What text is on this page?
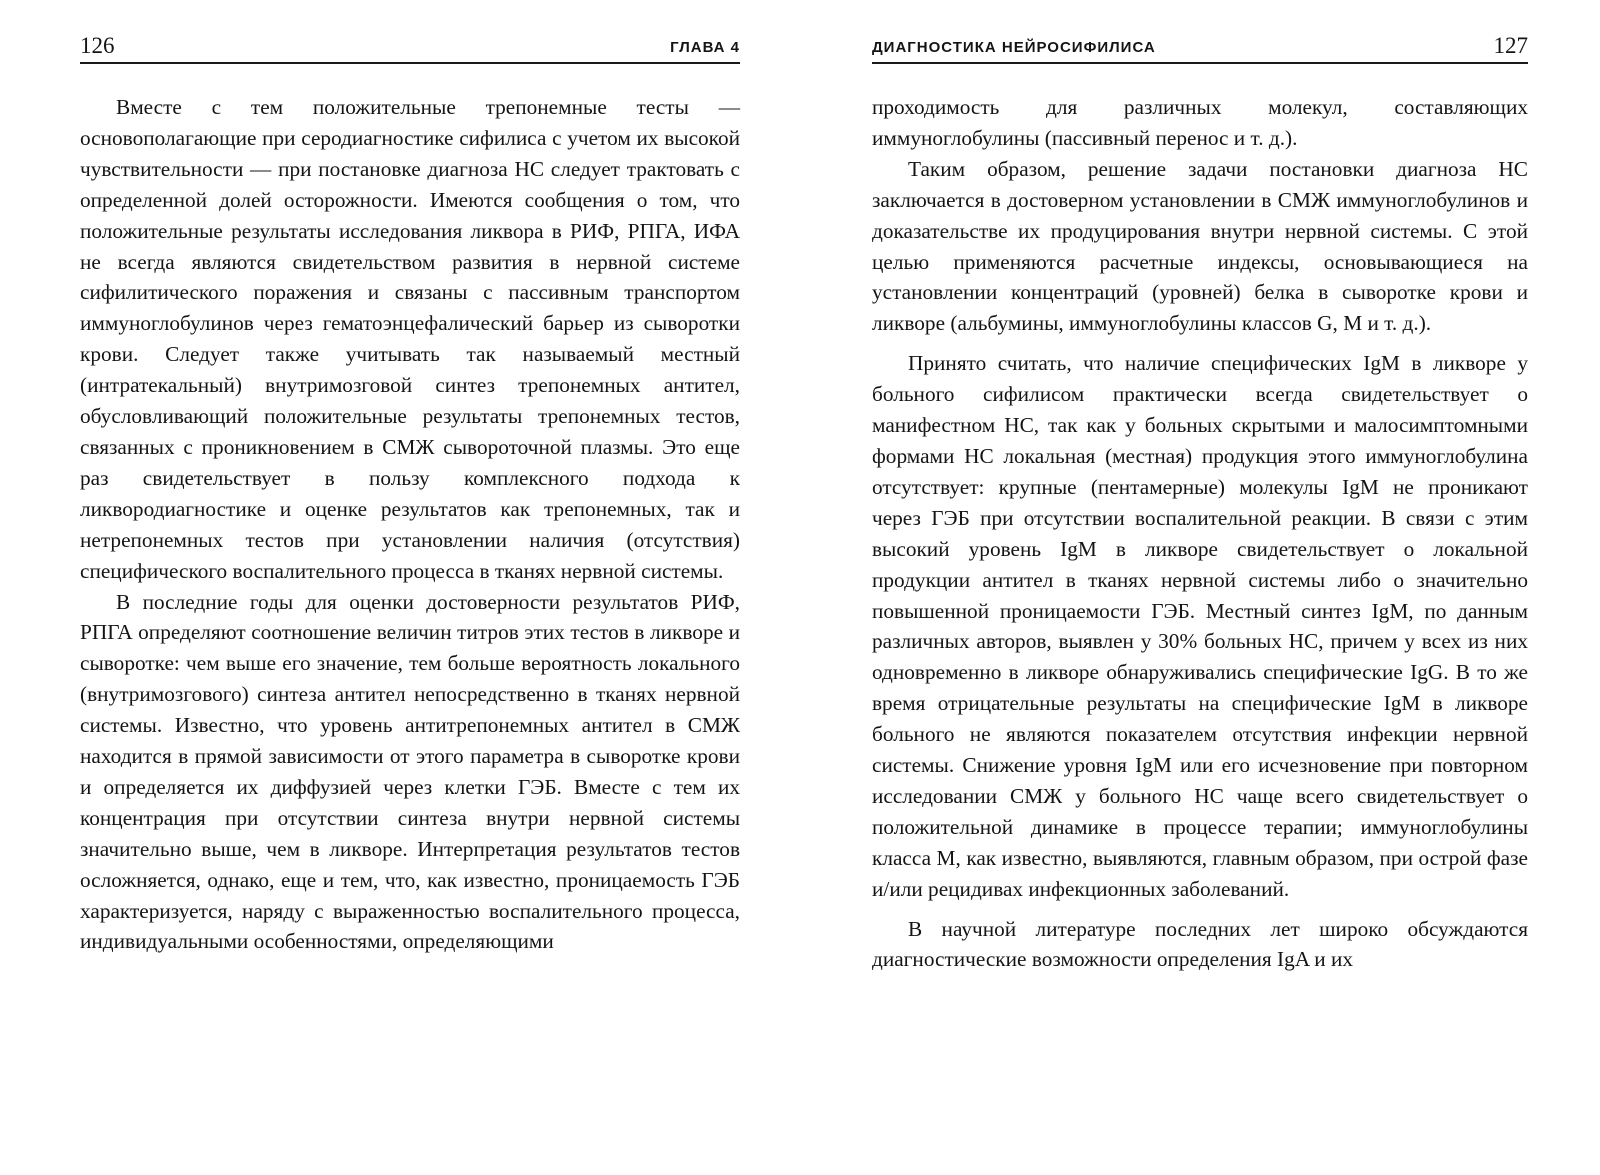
126	ГЛАВА 4

Вместе с тем положительные трепонемные тесты — основополагающие при серодиагностике сифилиса с учетом их высокой чувствительности — при постановке диагноза НС следует трактовать с определенной долей осторожности. Имеются сообщения о том, что положительные результаты исследования ликвора в РИФ, РПГА, ИФА не всегда являются свидетельством развития в нервной системе сифилитического поражения и связаны с пассивным транспортом иммуноглобулинов через гематоэнцефалический барьер из сыворотки крови. Следует также учитывать так называемый местный (интратекальный) внутримозговой синтез трепонемных антител, обусловливающий положительные результаты трепонемных тестов, связанных с проникновением в СМЖ сывороточной плазмы. Это еще раз свидетельствует в пользу комплексного подхода к ликвородиагностике и оценке результатов как трепонемных, так и нетрепонемных тестов при установлении наличия (отсутствия) специфического воспалительного процесса в тканях нервной системы.

В последние годы для оценки достоверности результатов РИФ, РПГА определяют соотношение величин титров этих тестов в ликворе и сыворотке: чем выше его значение, тем больше вероятность локального (внутримозгового) синтеза антител непосредственно в тканях нервной системы. Известно, что уровень антитрепонемных антител в СМЖ находится в прямой зависимости от этого параметра в сыворотке крови и определяется их диффузией через клетки ГЭБ. Вместе с тем их концентрация при отсутствии синтеза внутри нервной системы значительно выше, чем в ликворе. Интерпретация результатов тестов осложняется, однако, еще и тем, что, как известно, проницаемость ГЭБ характеризуется, наряду с выраженностью воспалительного процесса, индивидуальными особенностями, определяющими

ДИАГНОСТИКА НЕЙРОСИФИЛИСА	127

проходимость для различных молекул, составляющих иммуноглобулины (пассивный перенос и т. д.).

Таким образом, решение задачи постановки диагноза НС заключается в достоверном установлении в СМЖ иммуноглобулинов и доказательстве их продуцирования внутри нервной системы. С этой целью применяются расчетные индексы, основывающиеся на установлении концентраций (уровней) белка в сыворотке крови и ликворе (альбумины, иммуноглобулины классов G, M и т. д.).

Принято считать, что наличие специфических IgM в ликворе у больного сифилисом практически всегда свидетельствует о манифестном НС, так как у больных скрытыми и малосимптомными формами НС локальная (местная) продукция этого иммуноглобулина отсутствует: крупные (пентамерные) молекулы IgM не проникают через ГЭБ при отсутствии воспалительной реакции. В связи с этим высокий уровень IgM в ликворе свидетельствует о локальной продукции антител в тканях нервной системы либо о значительно повышенной проницаемости ГЭБ. Местный синтез IgM, по данным различных авторов, выявлен у 30% больных НС, причем у всех из них одновременно в ликворе обнаруживались специфические IgG. В то же время отрицательные результаты на специфические IgM в ликворе больного не являются показателем отсутствия инфекции нервной системы. Снижение уровня IgM или его исчезновение при повторном исследовании СМЖ у больного НС чаще всего свидетельствует о положительной динамике в процессе терапии; иммуноглобулины класса M, как известно, выявляются, главным образом, при острой фазе и/или рецидивах инфекционных заболеваний.

В научной литературе последних лет широко обсуждаются диагностические возможности определения IgA и их
